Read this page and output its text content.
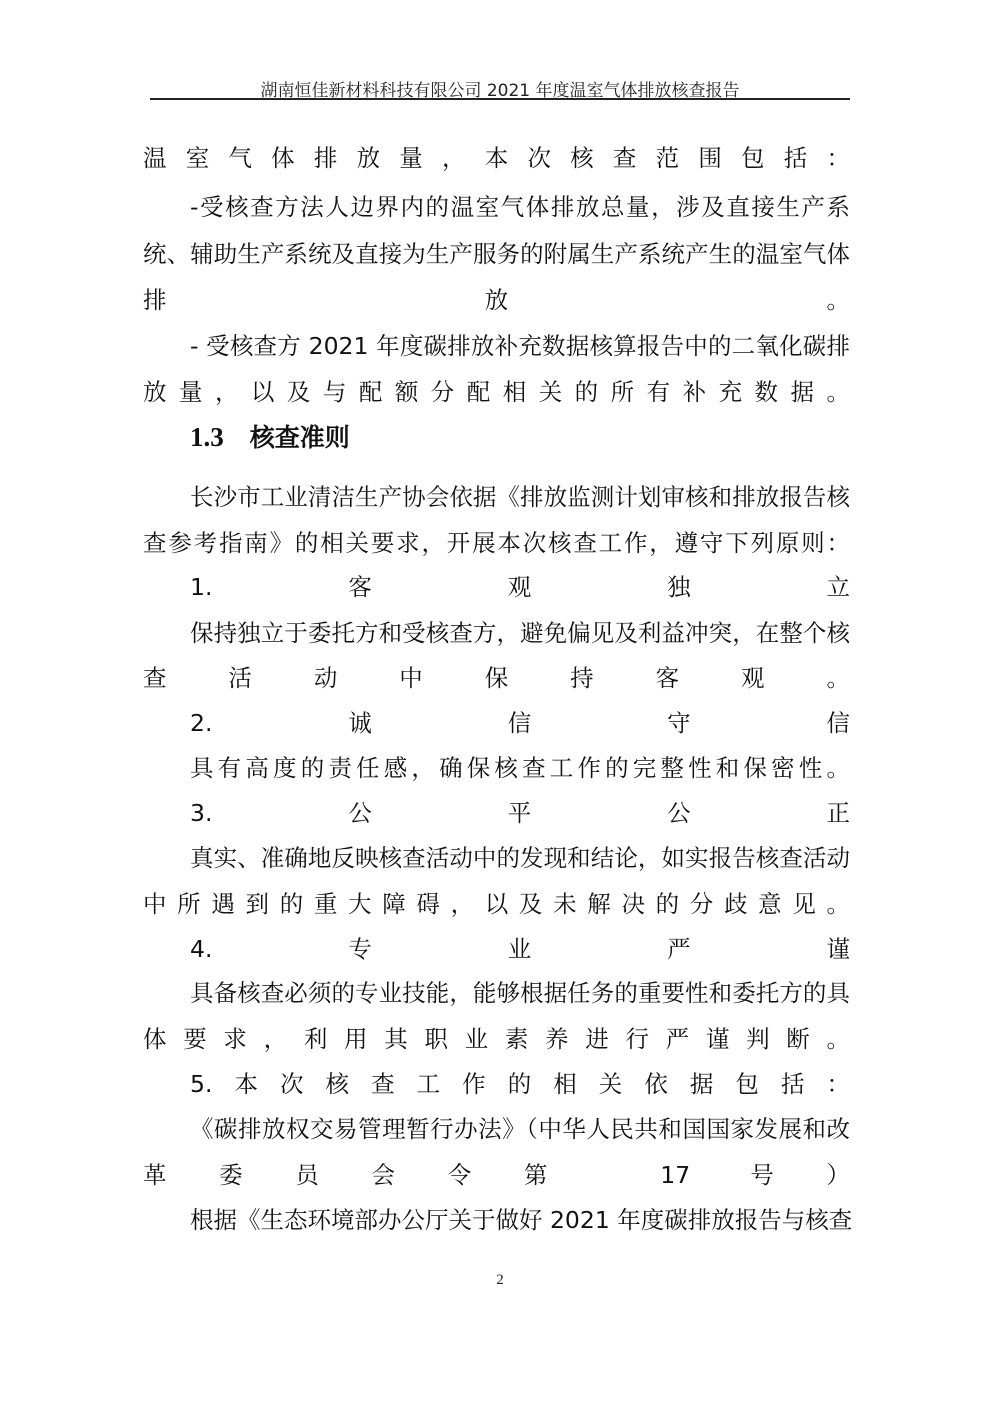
湖南恒佳新材料科技有限公司 2021 年度温室气体排放核查报告
温室气体排放量，本次核查范围包括：
-受核查方法人边界内的温室气体排放总量，涉及直接生产系
统、辅助生产系统及直接为生产服务的附属生产系统产生的温室气体
排放。
- 受核查方 2021 年度碳排放补充数据核算报告中的二氧化碳排
放量，以及与配额分配相关的所有补充数据。
1.3 核查准则
长沙市工业清洁生产协会依据《排放监测计划审核和排放报告核
查参考指南》的相关要求，开展本次核查工作，遵守下列原则：
1.客观独立
保持独立于委托方和受核查方，避免偏见及利益冲突，在整个核
查活动中保持客观。
2.诚信守信
具有高度的责任感，确保核查工作的完整性和保密性。
3.公平公正
真实、准确地反映核查活动中的发现和结论，如实报告核查活动
中所遇到的重大障碍，以及未解决的分歧意见。
4.专业严谨
具备核查必须的专业技能，能够根据任务的重要性和委托方的具
体要求，利用其职业素养进行严谨判断。
5.本次核查工作的相关依据包括：
《碳排放权交易管理暂行办法》（中华人民共和国国家发展和改
革委员会令第 17 号）
根据《生态环境部办公厅关于做好 2021 年度碳排放报告与核查
2
